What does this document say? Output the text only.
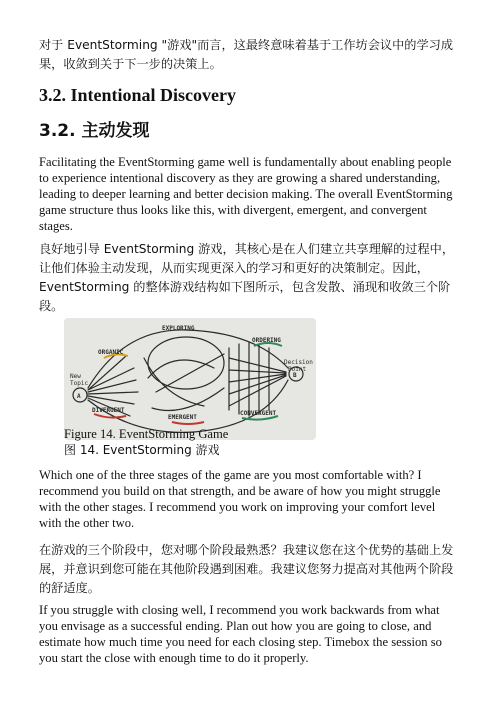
对于 EventStorming "游戏"而言，这最终意味着基于工作坊会议中的学习成果，收敛到关于下一步的决策上。

3.2. Intentional Discovery
3.2. 主动发现

Facilitating the EventStorming game well is fundamentally about enabling people to experience intentional discovery as they are growing a shared understanding, leading to deeper learning and better decision making. The overall EventStorming game structure thus looks like this, with divergent, emergent, and convergent stages.

良好地引导 EventStorming 游戏，其核心是在人们建立共享理解的过程中，让他们体验主动发现，从而实现更深入的学习和更好的决策制定。因此，EventStorming 的整体游戏结构如下图所示，包含发散、涌现和收敛三个阶段。

EXPLORING
ORGANIC
ORDERING
New
Topic
A
Decision
Point
B
DIVERGENT
EMERGENT
CONVERGENT

Figure 14. EventStorming Game

图 14. EventStorming 游戏

Which one of the three stages of the game are you most comfortable with? I recommend you build on that strength, and be aware of how you might struggle with the other stages. I recommend you work on improving your comfort level with the other two.

在游戏的三个阶段中，您对哪个阶段最熟悉？我建议您在这个优势的基础上发展，并意识到您可能在其他阶段遇到困难。我建议您努力提高对其他两个阶段的舒适度。

If you struggle with closing well, I recommend you work backwards from what you envisage as a successful ending. Plan out how you are going to close, and estimate how much time you need for each closing step. Timebox the session so you start the close with enough time to do it properly.
